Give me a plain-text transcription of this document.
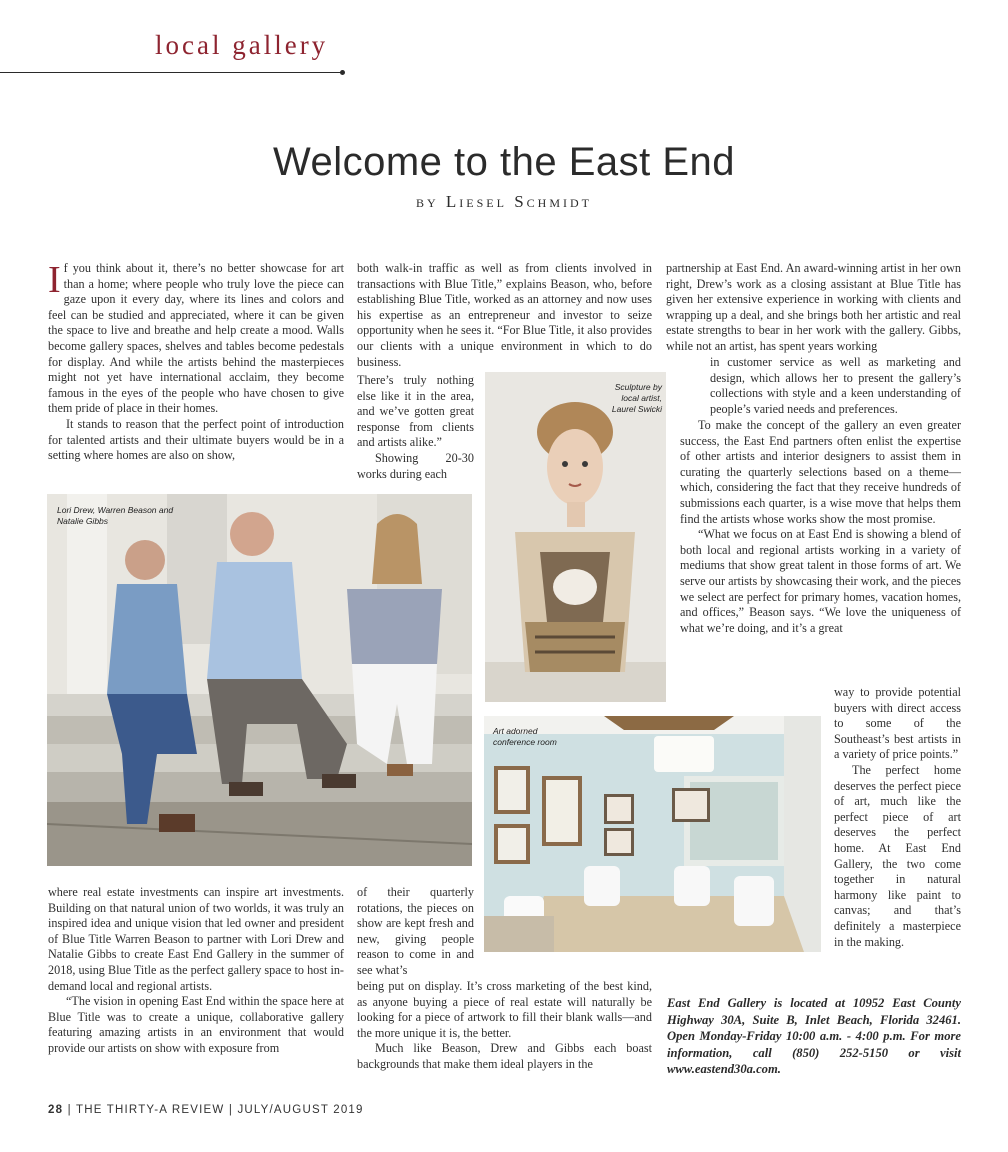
local gallery
Welcome to the East End
by Liesel Schmidt

If you think about it, there’s no better showcase for art than a home; where people who truly love the piece can gaze upon it every day, where its lines and colors and feel can be studied and appreciated, where it can be given the space to live and breathe and help create a mood. Walls become gallery spaces, shelves and tables become pedestals for display. And while the artists behind the masterpieces might not yet have international acclaim, they become famous in the eyes of the people who have chosen to give them pride of place in their homes.

It stands to reason that the perfect point of introduction for talented artists and their ultimate buyers would be in a setting where homes are also on show,

Lori Drew, Warren Beason and Natalie Gibbs

where real estate investments can inspire art investments. Building on that natural union of two worlds, it was truly an inspired idea and unique vision that led owner and president of Blue Title Warren Beason to partner with Lori Drew and Natalie Gibbs to create East End Gallery in the summer of 2018, using Blue Title as the perfect gallery space to host in-demand local and regional artists.

“The vision in opening East End within the space here at Blue Title was to create a unique, collaborative gallery featuring amazing artists in an environment that would provide our artists on show with exposure from

both walk-in traffic as well as from clients involved in transactions with Blue Title,” explains Beason, who, before establishing Blue Title, worked as an attorney and now uses his expertise as an entrepreneur and investor to seize opportunity when he sees it. “For Blue Title, it also provides our clients with a unique environment in which to do business.

There’s truly nothing else like it in the area, and we’ve gotten great response from clients and artists alike.”

Showing 20-30 works during each

Sculpture by local artist, Laurel Swicki
Art adorned conference room

of their quarterly rotations, the pieces on show are kept fresh and new, giving people reason to come in and see what’s

being put on display. It’s cross marketing of the best kind, as anyone buying a piece of real estate will naturally be looking for a piece of artwork to fill their blank walls—and the more unique it is, the better.

Much like Beason, Drew and Gibbs each boast backgrounds that make them ideal players in the

partnership at East End. An award-winning artist in her own right, Drew’s work as a closing assistant at Blue Title has given her extensive experience in working with clients and wrapping up a deal, and she brings both her artistic and real estate strengths to bear in her work with the gallery. Gibbs, while not an artist, has spent years working

in customer service as well as marketing and design, which allows her to present the gallery’s collections with style and a keen understanding of people’s varied needs and preferences.

To make the concept of the gallery an even greater success, the East End partners often enlist the expertise of other artists and interior designers to assist them in curating the quarterly selections based on a theme—which, considering the fact that they receive hundreds of submissions each quarter, is a wise move that helps them find the artists whose works show the most promise.

“What we focus on at East End is showing a blend of both local and regional artists working in a variety of mediums that show great talent in those forms of art. We serve our artists by showcasing their work, and the pieces we select are perfect for primary homes, vacation homes, and offices,” Beason says. “We love the uniqueness of what we’re doing, and it’s a great

way to provide potential buyers with direct access to some of the Southeast’s best artists in a variety of price points.”

The perfect home deserves the perfect piece of art, much like the perfect piece of art deserves the perfect home. At East End Gallery, the two come together in natural harmony like paint to canvas; and that’s definitely a masterpiece in the making.

East End Gallery is located at 10952 East County Highway 30A, Suite B, Inlet Beach, Florida 32461. Open Monday-Friday 10:00 a.m. - 4:00 p.m. For more information, call (850) 252-5150 or visit www.eastend30a.com.
28 | THE THIRTY-A REVIEW | JULY/AUGUST 2019
